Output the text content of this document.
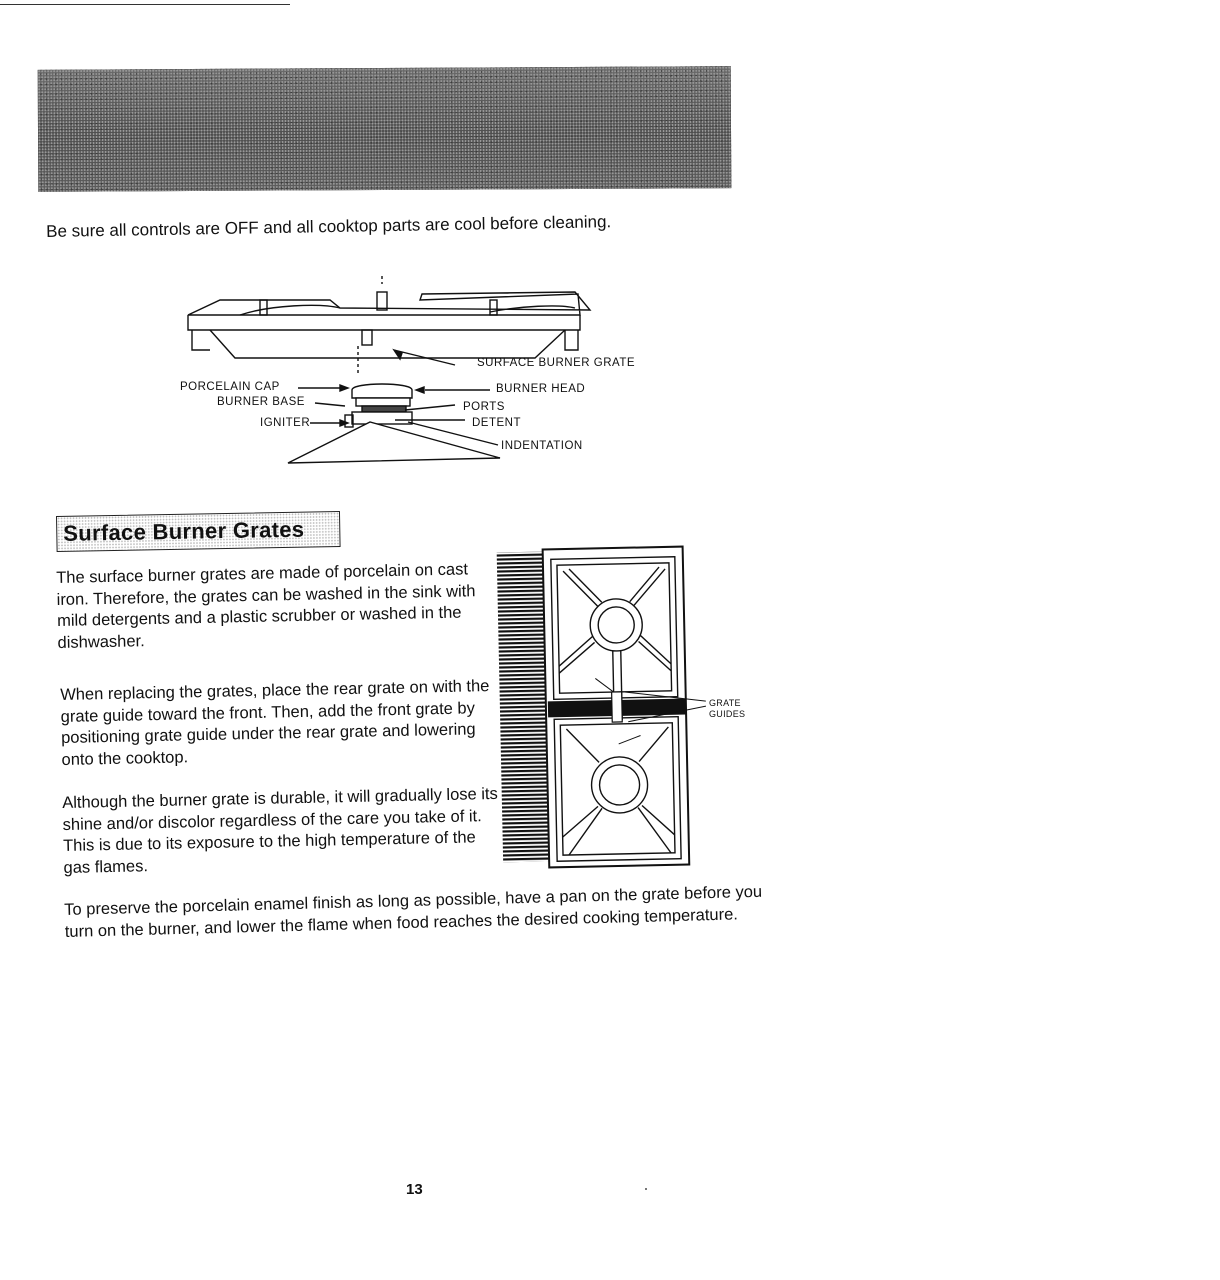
Be sure all controls are OFF and all cooktop parts are cool before cleaning.
PORCELAIN CAP
BURNER BASE
IGNITER
SURFACE BURNER GRATE
BURNER HEAD
PORTS
DETENT
INDENTATION
Surface Burner Grates
The surface burner grates are made of porcelain on cast iron. Therefore, the grates can be washed in the sink with mild detergents and a plastic scrubber or washed in the dishwasher.
When replacing the grates, place the rear grate on with the grate guide toward the front. Then, add the front grate by positioning grate guide under the rear grate and lowering onto the cooktop.
Although the burner grate is durable, it will gradually lose its shine and/or discolor regardless of the care you take of it. This is due to its exposure to the high temperature of the gas flames.
To preserve the porcelain enamel finish as long as possible, have a pan on the grate before you turn on the burner, and lower the flame when food reaches the desired cooking temperature.
GRATE
GUIDES
13
